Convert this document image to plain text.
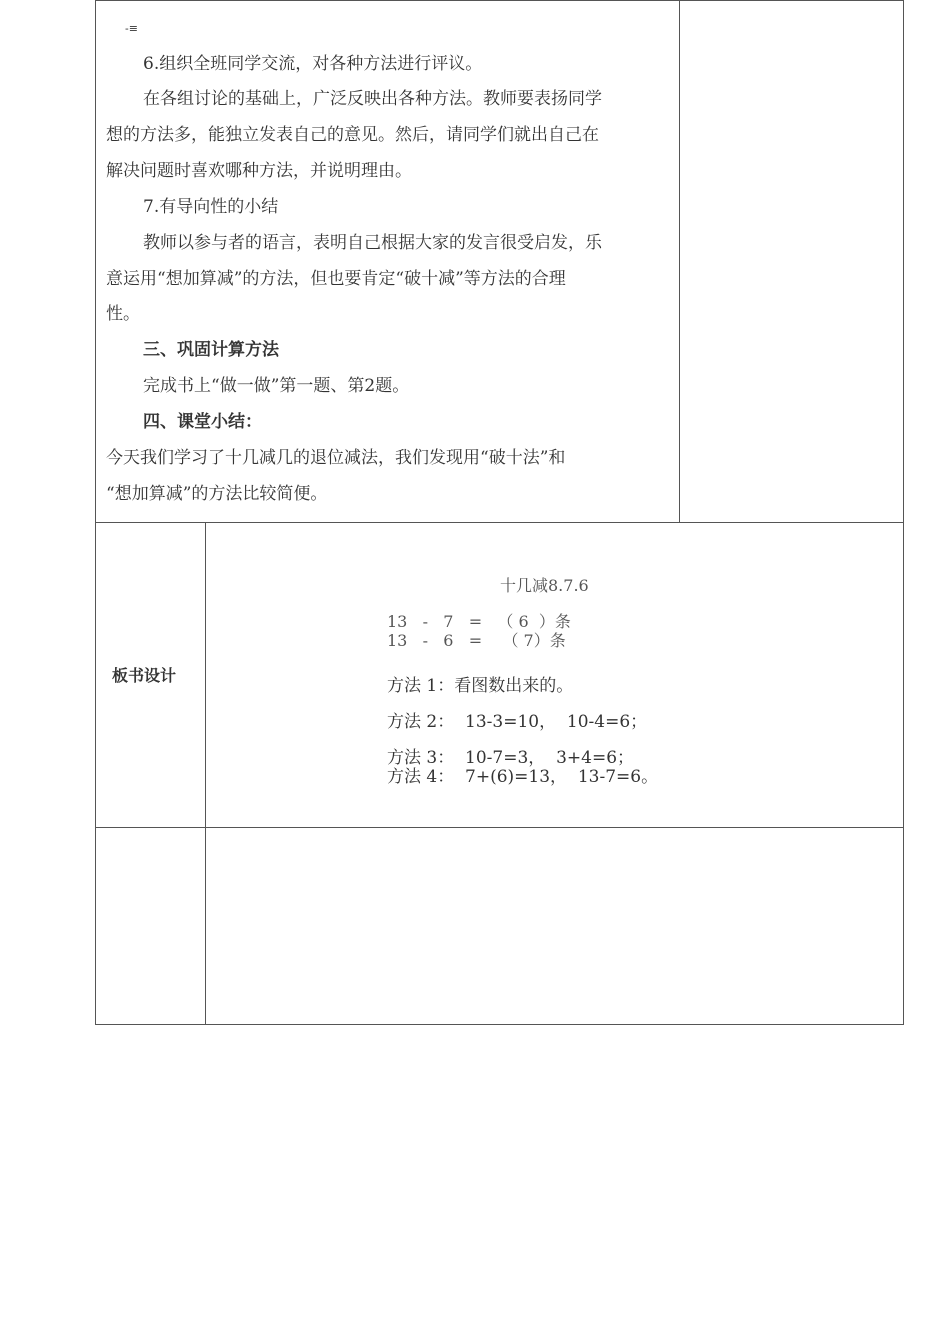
-≡
6.组织全班同学交流，对各种方法进行评议。
在各组讨论的基础上，广泛反映出各种方法。教师要表扬同学
想的方法多，能独立发表自己的意见。然后，请同学们就出自己在
解决问题时喜欢哪种方法，并说明理由。
7.有导向性的小结
教师以参与者的语言，表明自己根据大家的发言很受启发，乐
意运用“想加算减”的方法，但也要肯定“破十减”等方法的合理
性。
三、巩固计算方法
完成书上“做一做”第一题、第2题。
四、课堂小结：
今天我们学习了十几减几的退位减法，我们发现用“破十法”和
“想加算减”的方法比较简便。
板书设计
十几减8.7.6
13   -   7   =   （ 6  ）条
13   -   6   =    （ 7）条
方法 1：看图数出来的。
方法 2：  13-3=10，  10-4=6；
方法 3：  10-7=3，  3+4=6；
方法 4：  7+(6)=13，  13-7=6。
